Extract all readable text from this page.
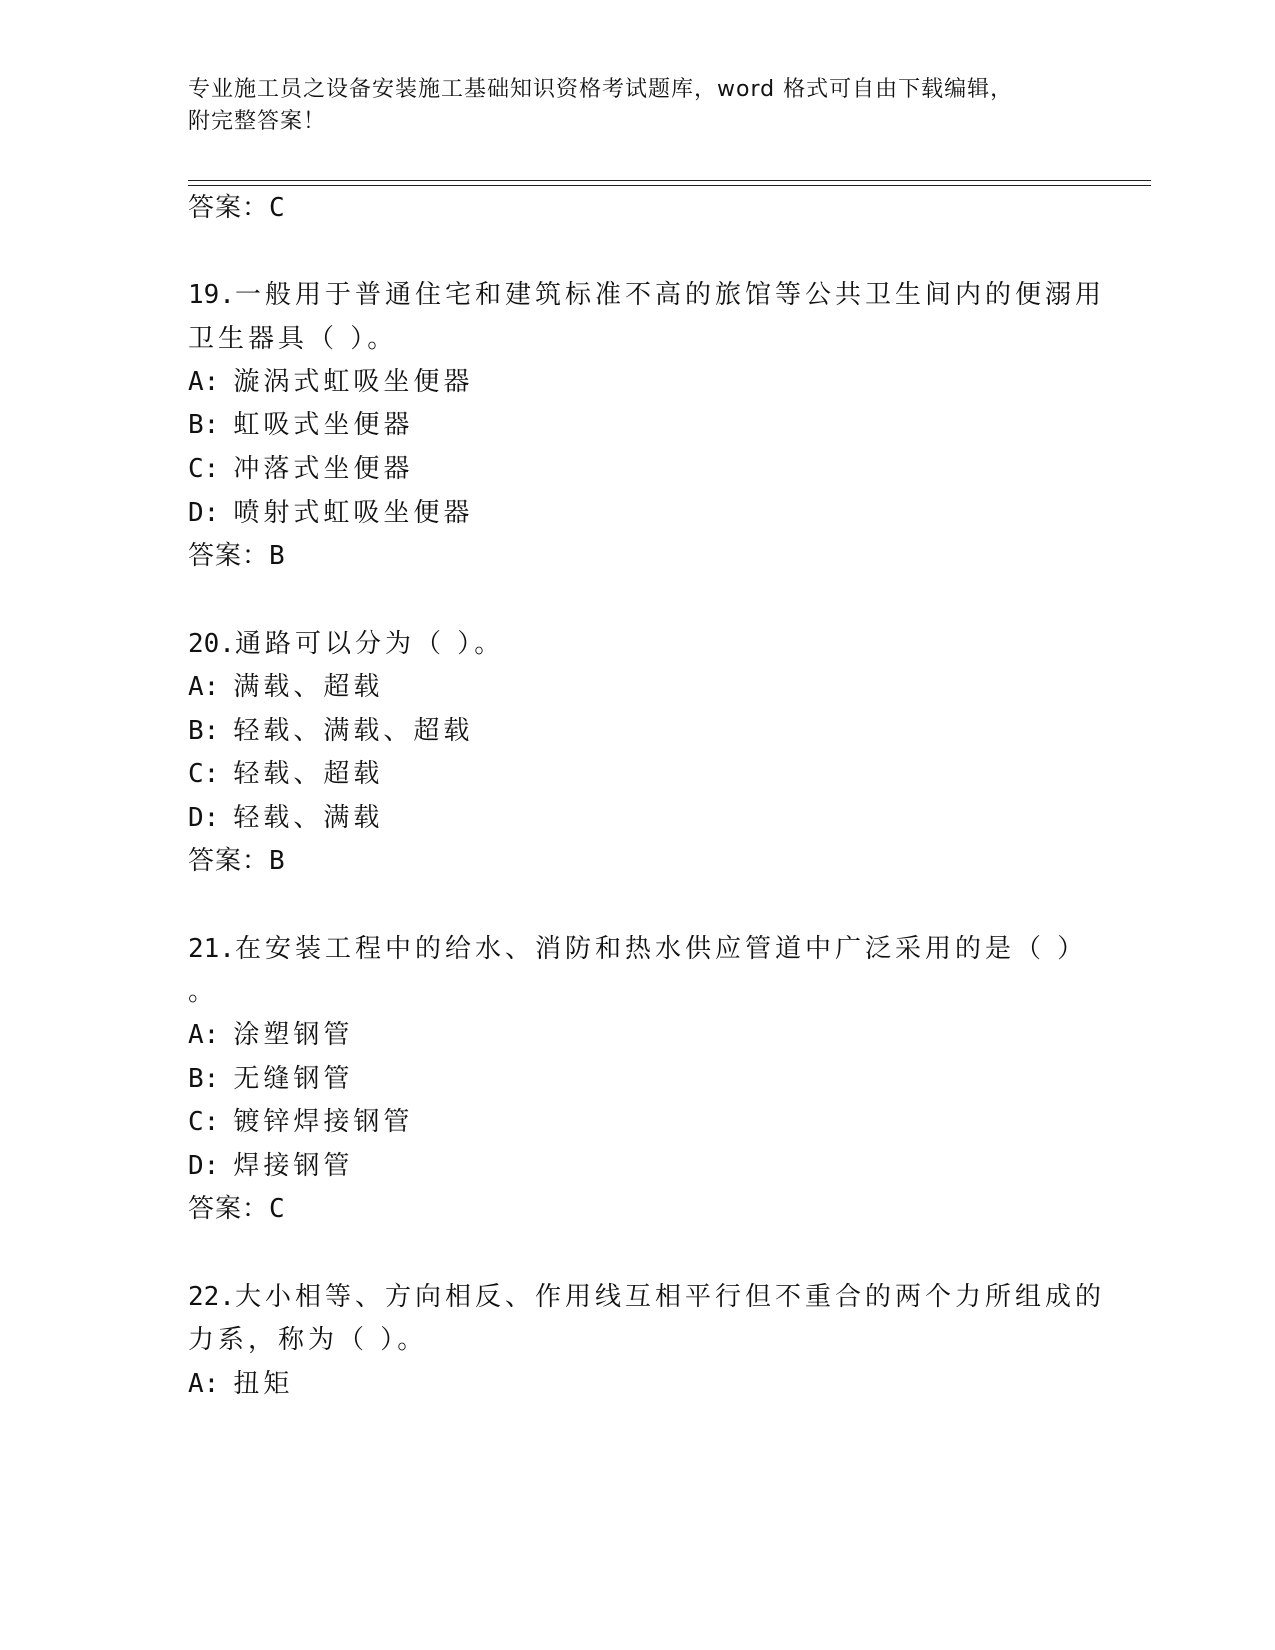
专业施工员之设备安装施工基础知识资格考试题库，word 格式可自由下载编辑，
附完整答案！
答案：C
19.一般用于普通住宅和建筑标准不高的旅馆等公共卫生间内的便溺用
卫生器具（ ）。
A: 漩涡式虹吸坐便器
B: 虹吸式坐便器
C: 冲落式坐便器
D: 喷射式虹吸坐便器
答案：B
20.通路可以分为（ ）。
A: 满载、超载
B: 轻载、满载、超载
C: 轻载、超载
D: 轻载、满载
答案：B
21.在安装工程中的给水、消防和热水供应管道中广泛采用的是（ ）
。
A: 涂塑钢管
B: 无缝钢管
C: 镀锌焊接钢管
D: 焊接钢管
答案：C
22.大小相等、方向相反、作用线互相平行但不重合的两个力所组成的
力系，称为（ ）。
A: 扭矩
